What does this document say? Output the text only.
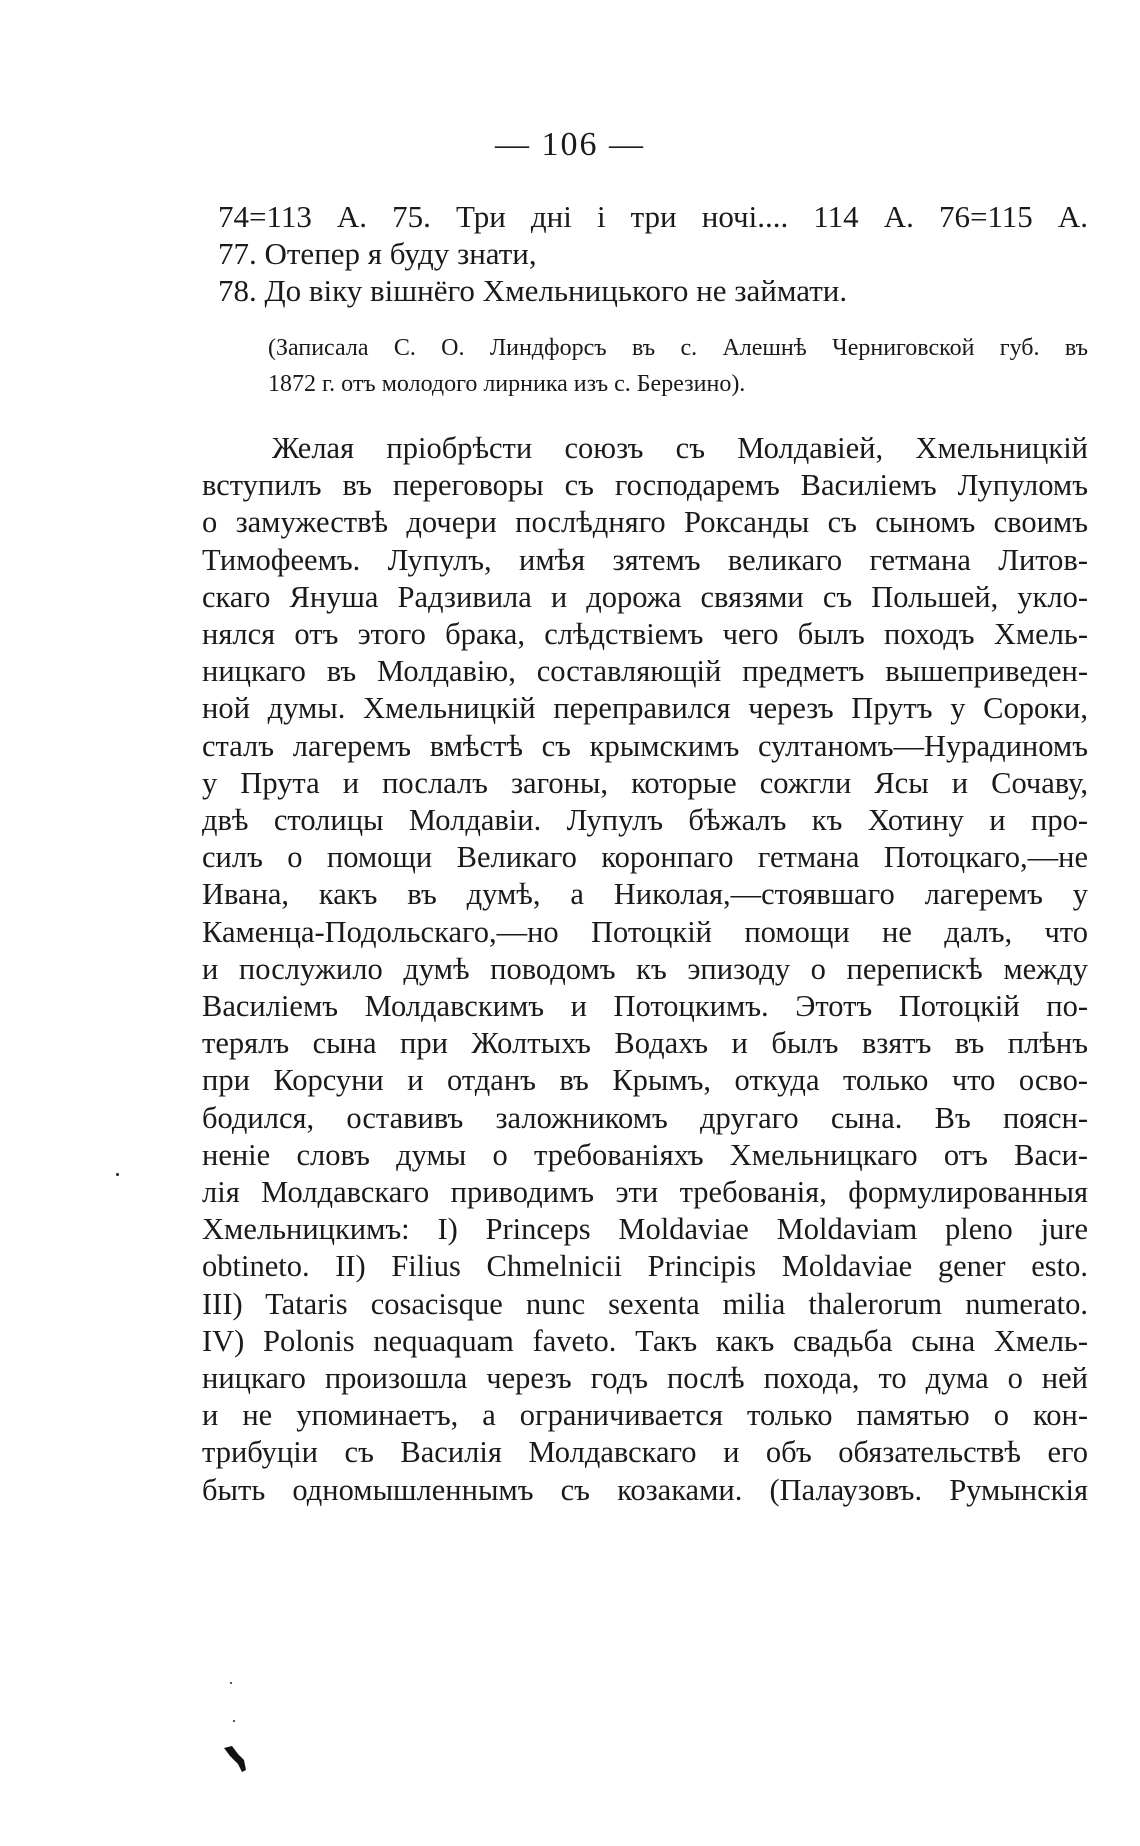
— 106 —
74=113 А. 75. Три днi i три ночi.... 114 А. 76=115 А.
77. Отепер я буду знати,
78. До вiку вiшнёго Хмельницького не займати.
(Записала С. О. Линдфорсъ въ с. Алешнѣ Черниговской губ. въ
1872 г. отъ молодого лирника изъ с. Березино).
Желая прiобрѣсти союзъ съ Молдавiей, Хмельницкiй
вступилъ въ переговоры съ господаремъ Василiемъ Лупуломъ
о замужествѣ дочери послѣдняго Роксанды съ сыномъ своимъ
Тимофеемъ. Лупулъ, имѣя зятемъ великаго гетмана Литов-
скаго Януша Радзивила и дорожа связями съ Польшей, укло-
нялся отъ этого брака, слѣдствiемъ чего былъ походъ Хмель-
ницкаго въ Молдавiю, составляющiй предметъ вышеприведен-
ной думы. Хмельницкiй переправился черезъ Прутъ у Сороки,
сталъ лагеремъ вмѣстѣ съ крымскимъ султаномъ—Нурадиномъ
у Прута и послалъ загоны, которые сожгли Ясы и Сочаву,
двѣ столицы Молдавiи. Лупулъ бѣжалъ къ Хотину и про-
силъ о помощи Великаго коронпаго гетмана Потоцкаго,—не
Ивана, какъ въ думѣ, а Николая,—стоявшаго лагеремъ у
Каменца-Подольскаго,—но Потоцкiй помощи не далъ, что
и послужило думѣ поводомъ къ эпизоду о перепискѣ между
Василiемъ Молдавскимъ и Потоцкимъ. Этотъ Потоцкiй по-
терялъ сына при Жолтыхъ Водахъ и былъ взятъ въ плѣнъ
при Корсуни и отданъ въ Крымъ, откуда только что осво-
бодился, оставивъ заложникомъ другаго сына. Въ поясн-
ненiе словъ думы о требованiяхъ Хмельницкаго отъ Васи-
лiя Молдавскаго приводимъ эти требованiя, формулированныя
Хмельницкимъ: I) Princeps Moldaviae Moldaviam pleno jure
obtineto. II) Filius Chmelnicii Principis Moldaviae gener esto.
III) Tataris cosacisque nunc sexenta milia thalerorum numerato.
IV) Polonis nequaquam faveto. Такъ какъ свадьба сына Хмель-
ницкаго произошла черезъ годъ послѣ похода, то дума о ней
и не упоминаетъ, а ограничивается только памятью о кон-
трибуцiи съ Василiя Молдавскаго и объ обязательствѣ его
быть одномышленнымъ съ козаками. (Палаузовъ. Румынскiя
